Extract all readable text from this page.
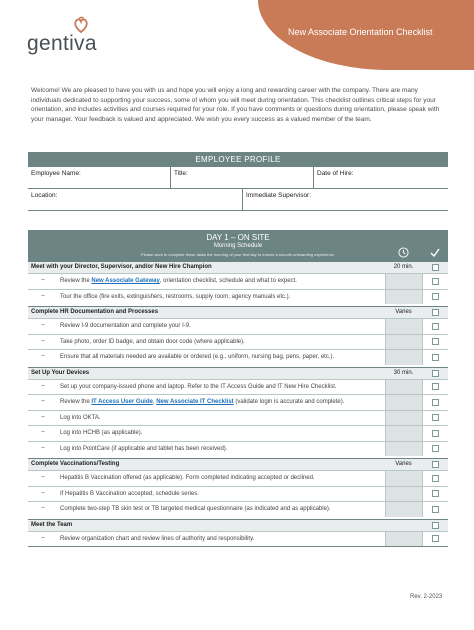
New Associate Orientation Checklist
gentiva
Welcome! We are pleased to have you with us and hope you will enjoy a long and rewarding career with the company. There are many individuals dedicated to supporting your success, some of whom you will meet during orientation. This checklist outlines critical steps for your orientation, and includes activities and courses required for your role. If you have comments or questions during orientation, please speak with your manager. Your feedback is valued and appreciated. We wish you every success as a valued member of the team.
EMPLOYEE PROFILE
Employee Name:	Title:	Date of Hire:
Location:	Immediate Supervisor:
DAY 1 – ON SITE
Morning Schedule
Please work to complete these tasks the morning of your first day to ensure a smooth onboarding experience.
Meet with your Director, Supervisor, and/or New Hire Champion	20 min.
–	Review the New Associate Gateway, orientation checklist, schedule and what to expect.
–	Tour the office (fire exits, extinguishers, restrooms, supply room, agency manuals etc.).
Complete HR Documentation and Processes	Varies
–	Review I-9 documentation and complete your I-9.
–	Take photo, order ID badge, and obtain door code (where applicable).
–	Ensure that all materials needed are available or ordered (e.g., uniform, nursing bag, pens, paper, etc.).
Set Up Your Devices	30 min.
–	Set up your company-issued phone and laptop. Refer to the IT Access Guide and IT New Hire Checklist.
–	Review the IT Access User Guide, New Associate IT Checklist (validate login is accurate and complete).
–	Log into OKTA.
–	Log into HCHB (as applicable).
–	Log into PointCare (if applicable and tablet has been received).
Complete Vaccinations/Testing	Varies
–	Hepatitis B Vaccination offered (as applicable). Form completed indicating accepted or declined.
–	If Hepatitis B Vaccination accepted, schedule series.
–	Complete two-step TB skin test or TB targeted medical questionnaire (as indicated and as applicable).
Meet the Team
–	Review organization chart and review lines of authority and responsibility.
Rev. 2-2023
